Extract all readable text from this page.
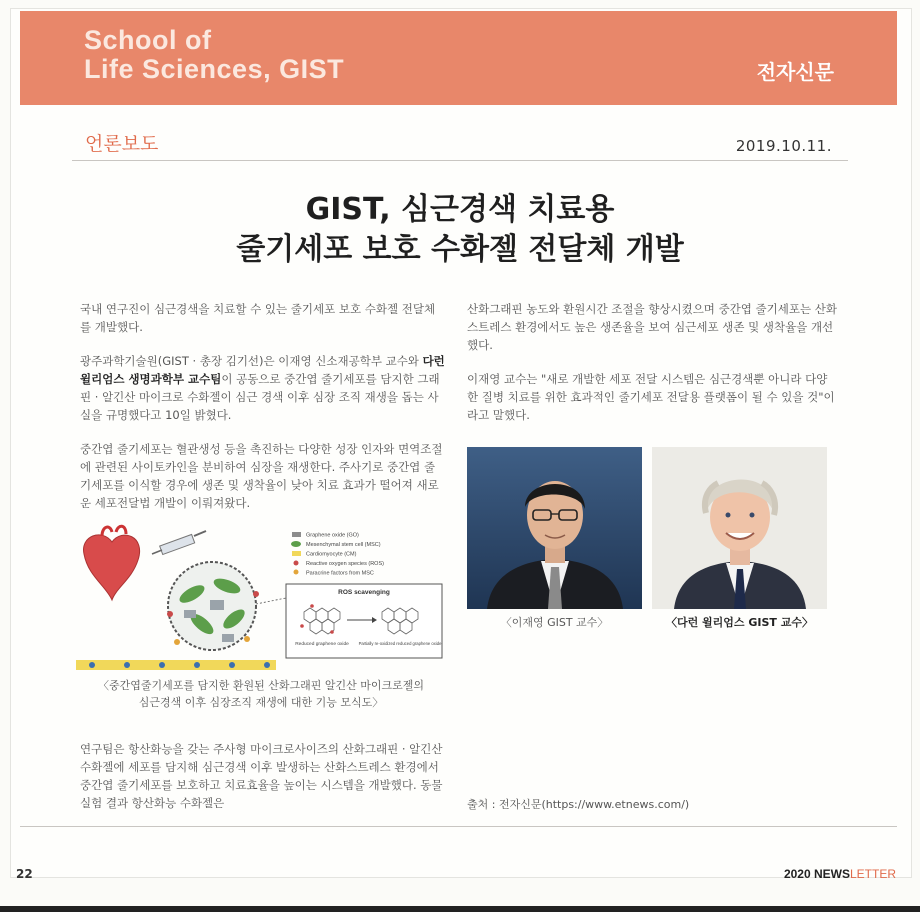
School of
Life Sciences, GIST	전자신문
언론보도	2019.10.11.
GIST, 심근경색 치료용
줄기세포 보호 수화젤 전달체 개발

국내 연구진이 심근경색을 치료할 수 있는 줄기세포 보호 수화젤 전달체를 개발했다.

광주과학기술원(GIST · 총장 김기선)은 이재영 신소재공학부 교수와 다런 윌리엄스 생명과학부 교수팀이 공동으로 중간엽 줄기세포를 담지한 그래핀 · 알긴산 마이크로 수화젤이 심근 경색 이후 심장 조직 재생을 돕는 사실을 규명했다고 10일 밝혔다.

중간엽 줄기세포는 혈관생성 등을 촉진하는 다양한 성장 인자와 면역조절에 관련된 사이토카인을 분비하여 심장을 재생한다. 주사기로 중간엽 줄기세포를 이식할 경우에 생존 및 생착율이 낮아 치료 효과가 떨어져 새로운 세포전달법 개발이 이뤄져왔다.

Graphene oxide (GO)
Mesenchymal stem cell (MSC)
Cardiomyocyte (CM)
Reactive oxygen species (ROS)
Paracrine factors from MSC
ROS scavenging
Reduced graphene oxide Partially re-oxidized reduced graphene oxide
〈중간엽줄기세포를 담지한 환원된 산화그래핀 알긴산 마이크로젤의
심근경색 이후 심장조직 재생에 대한 기능 모식도〉

연구팀은 항산화능을 갖는 주사형 마이크로사이즈의 산화그래핀 · 알긴산 수화젤에 세포를 담지해 심근경색 이후 발생하는 산화스트레스 환경에서 중간엽 줄기세포를 보호하고 치료효율을 높이는 시스템을 개발했다. 동물실험 결과 항산화능 수화젤은

산화그래핀 농도와 환원시간 조절을 향상시켰으며 중간엽 줄기세포는 산화스트레스 환경에서도 높은 생존율을 보여 심근세포 생존 및 생착율을 개선했다.

이재영 교수는 "새로 개발한 세포 전달 시스템은 심근경색뿐 아니라 다양한 질병 치료를 위한 효과적인 줄기세포 전달용 플랫폼이 될 수 있을 것"이라고 말했다.

〈이재영 GIST 교수〉	〈다런 윌리엄스 GIST 교수〉
출처 : 전자신문(https://www.etnews.com/)
22	2020 NEWSLETTER
